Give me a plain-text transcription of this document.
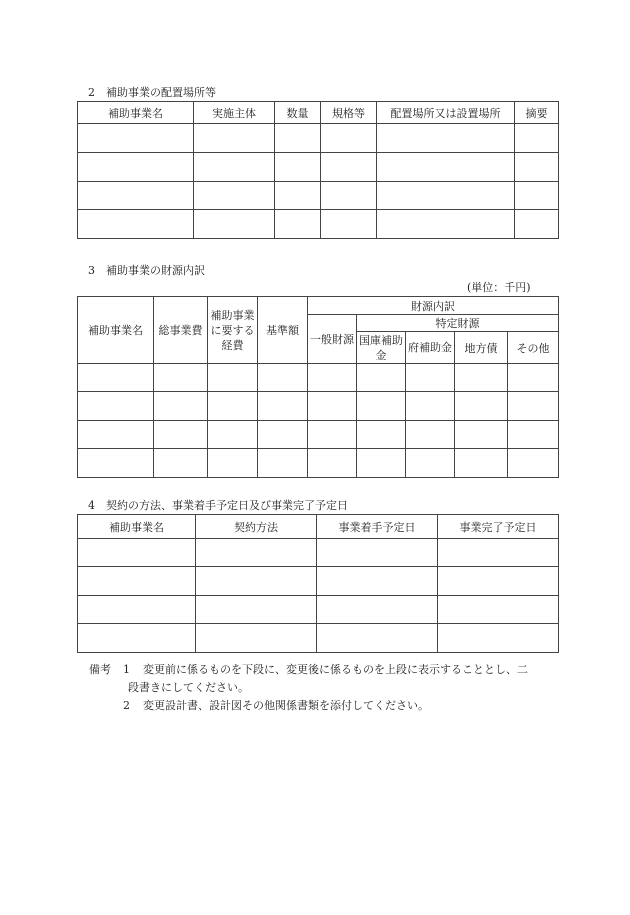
2　補助事業の配置場所等
補助事業名	実施主体	数量	規格等	配置場所又は設置場所	摘要

3　補助事業の財源内訳
(単位：千円)
補助事業名	総事業費	補助事業に要する経費	基準額	財源内訳				
				一般財源	特定財源			
					国庫補助金	府補助金	地方債	その他

4　契約の方法、事業着手予定日及び事業完了予定日
補助事業名	契約方法	事業着手予定日	事業完了予定日

備考 1 変更前に係るものを下段に、変更後に係るものを上段に表示することとし、二
段書きにしてください。
2 変更設計書、設計図その他関係書類を添付してください。
